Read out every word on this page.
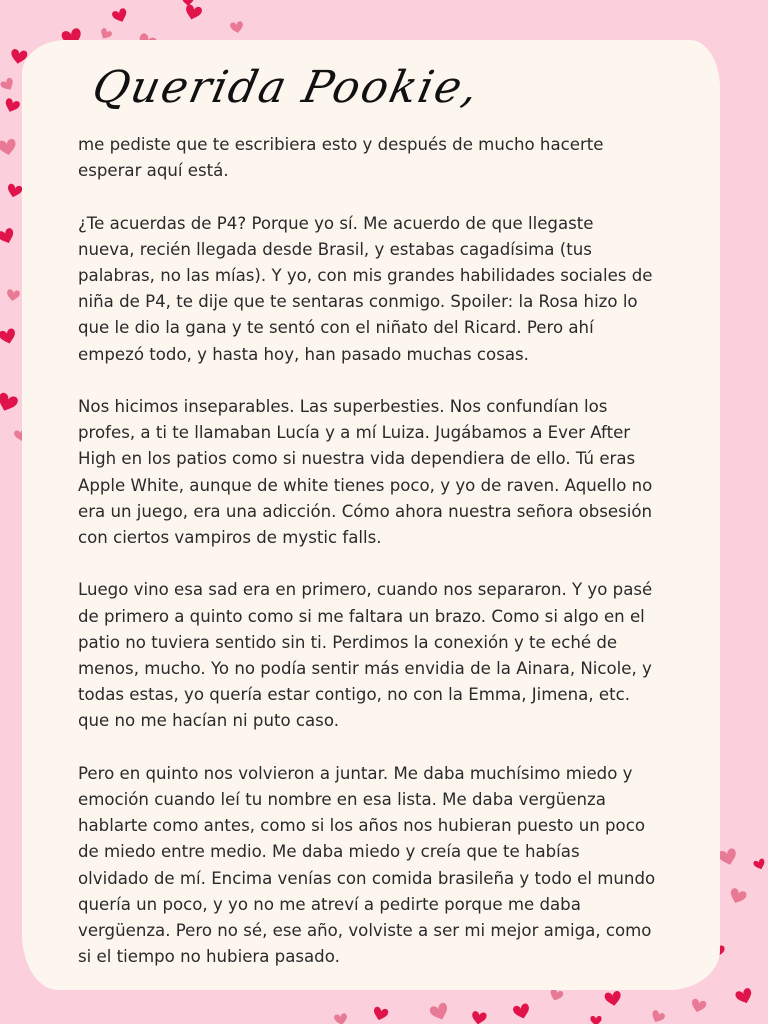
Querida Pookie,

me pediste que te escribiera esto y después de mucho hacerte

esperar aquí está.

¿Te acuerdas de P4? Porque yo sí. Me acuerdo de que llegaste

nueva, recién llegada desde Brasil, y estabas cagadísima (tus

palabras, no las mías). Y yo, con mis grandes habilidades sociales de

niña de P4, te dije que te sentaras conmigo. Spoiler: la Rosa hizo lo

que le dio la gana y te sentó con el niñato del Ricard. Pero ahí

empezó todo, y hasta hoy, han pasado muchas cosas.

Nos hicimos inseparables. Las superbesties. Nos confundían los

profes, a ti te llamaban Lucía y a mí Luiza. Jugábamos a Ever After

High en los patios como si nuestra vida dependiera de ello. Tú eras

Apple White, aunque de white tienes poco, y yo de raven. Aquello no

era un juego, era una adicción. Cómo ahora nuestra señora obsesión

con ciertos vampiros de mystic falls.

Luego vino esa sad era en primero, cuando nos separaron. Y yo pasé

de primero a quinto como si me faltara un brazo. Como si algo en el

patio no tuviera sentido sin ti. Perdimos la conexión y te eché de

menos, mucho. Yo no podía sentir más envidia de la Ainara, Nicole, y

todas estas, yo quería estar contigo, no con la Emma, Jimena, etc.

que no me hacían ni puto caso.

Pero en quinto nos volvieron a juntar. Me daba muchísimo miedo y

emoción cuando leí tu nombre en esa lista. Me daba vergüenza

hablarte como antes, como si los años nos hubieran puesto un poco

de miedo entre medio. Me daba miedo y creía que te habías

olvidado de mí. Encima venías con comida brasileña y todo el mundo

quería un poco, y yo no me atreví a pedirte porque me daba

vergüenza. Pero no sé, ese año, volviste a ser mi mejor amiga, como

si el tiempo no hubiera pasado.
